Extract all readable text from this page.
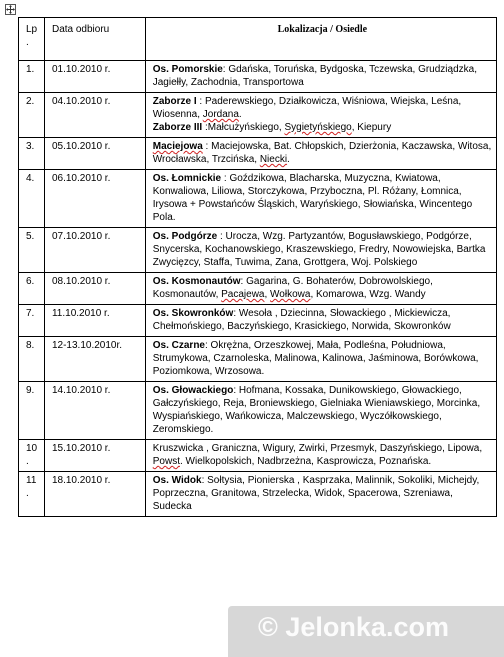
Lp .	Data odbioru	Lokalizacja / Osiedle
1.	01.10.2010 r.	Os. Pomorskie: Gdańska, Toruńska, Bydgoska, Tczewska, Grudziądzka, Jagiełły, Zachodnia, Transportowa
2.	04.10.2010 r.	Zaborze I : Paderewskiego, Działkowicza, Wiśniowa, Wiejska, Leśna, Wiosenna, Jordana.
Zaborze III :Małcużyńskiego, Sygietyńskiego, Kiepury
3.	05.10.2010 r.	Maciejowa : Maciejowska, Bat. Chłopskich, Dzierżonia, Kaczawska, Witosa, Wrocławska, Trzcińska, Niecki.
4.	06.10.2010 r.	Os. Łomnickie : Goździkowa, Blacharska, Muzyczna, Kwiatowa, Konwaliowa, Liliowa, Storczykowa, Przyboczna, Pl. Różany, Łomnica, Irysowa + Powstańców Śląskich, Waryńskiego, Słowiańska, Wincentego Pola.
5.	07.10.2010 r.	Os. Podgórze : Urocza, Wzg. Partyzantów, Bogusławskiego, Podgórze, Snycerska, Kochanowskiego, Kraszewskiego, Fredry, Nowowiejska, Bartka Zwycięzcy, Staffa, Tuwima, Zana, Grottgera, Woj. Polskiego
6.	08.10.2010 r.	Os. Kosmonautów: Gagarina, G. Bohaterów, Dobrowolskiego, Kosmonautów, Pacajewa, Wołkowa, Komarowa, Wzg. Wandy
7.	11.10.2010 r.	Os. Skowronków: Wesoła , Dziecinna, Słowackiego , Mickiewicza, Chełmońskiego, Baczyńskiego, Krasickiego, Norwida, Skowronków
8.	12-13.10.2010r.	Os. Czarne: Okrężna, Orzeszkowej, Mała, Podleśna, Południowa, Strumykowa, Czarnoleska, Malinowa, Kalinowa, Jaśminowa, Borówkowa, Poziomkowa, Wrzosowa.
9.	14.10.2010 r.	Os. Głowackiego: Hofmana, Kossaka, Dunikowskiego, Głowackiego, Gałczyńskiego, Reja, Broniewskiego, Gielniaka Wieniawskiego, Morcinka, Wyspiańskiego, Wańkowicza, Malczewskiego, Wyczółkowskiego, Zeromskiego.
10 .	15.10.2010 r.	Kruszwicka , Graniczna, Wigury, Zwirki, Przesmyk, Daszyńskiego, Lipowa, Powst. Wielkopolskich, Nadbrzeżna, Kasprowicza, Poznańska.
11 .	18.10.2010 r.	Os. Widok: Sołtysia, Pionierska , Kasprzaka, Malinnik, Sokoliki, Michejdy, Poprzeczna, Granitowa, Strzelecka, Widok, Spacerowa, Szreniawa, Sudecka
© Jelonka.com
